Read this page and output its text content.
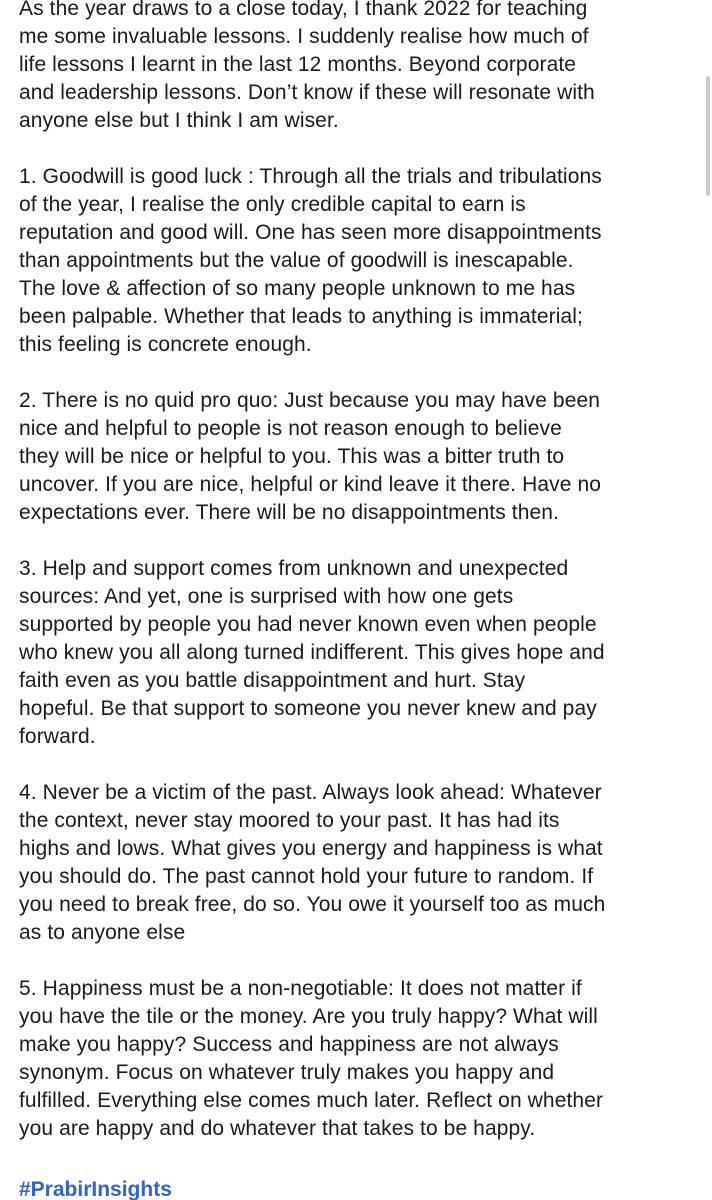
As the year draws to a close today, I thank 2022 for teaching
me some invaluable lessons. I suddenly realise how much of
life lessons I learnt in the last 12 months. Beyond corporate
and leadership lessons. Don’t know if these will resonate with
anyone else but I think I am wiser.
1. Goodwill is good luck : Through all the trials and tribulations
of the year, I realise the only credible capital to earn is
reputation and good will. One has seen more disappointments
than appointments but the value of goodwill is inescapable.
The love & affection of so many people unknown to me has
been palpable. Whether that leads to anything is immaterial;
this feeling is concrete enough.
2. There is no quid pro quo: Just because you may have been
nice and helpful to people is not reason enough to believe
they will be nice or helpful to you. This was a bitter truth to
uncover. If you are nice, helpful or kind leave it there. Have no
expectations ever. There will be no disappointments then.
3. Help and support comes from unknown and unexpected
sources: And yet, one is surprised with how one gets
supported by people you had never known even when people
who knew you all along turned indifferent. This gives hope and
faith even as you battle disappointment and hurt. Stay
hopeful. Be that support to someone you never knew and pay
forward.
4. Never be a victim of the past. Always look ahead: Whatever
the context, never stay moored to your past. It has had its
highs and lows. What gives you energy and happiness is what
you should do. The past cannot hold your future to random. If
you need to break free, do so. You owe it yourself too as much
as to anyone else
5. Happiness must be a non-negotiable: It does not matter if
you have the tile or the money. Are you truly happy? What will
make you happy? Success and happiness are not always
synonym. Focus on whatever truly makes you happy and
fulfilled. Everything else comes much later. Reflect on whether
you are happy and do whatever that takes to be happy.
#PrabirInsights
